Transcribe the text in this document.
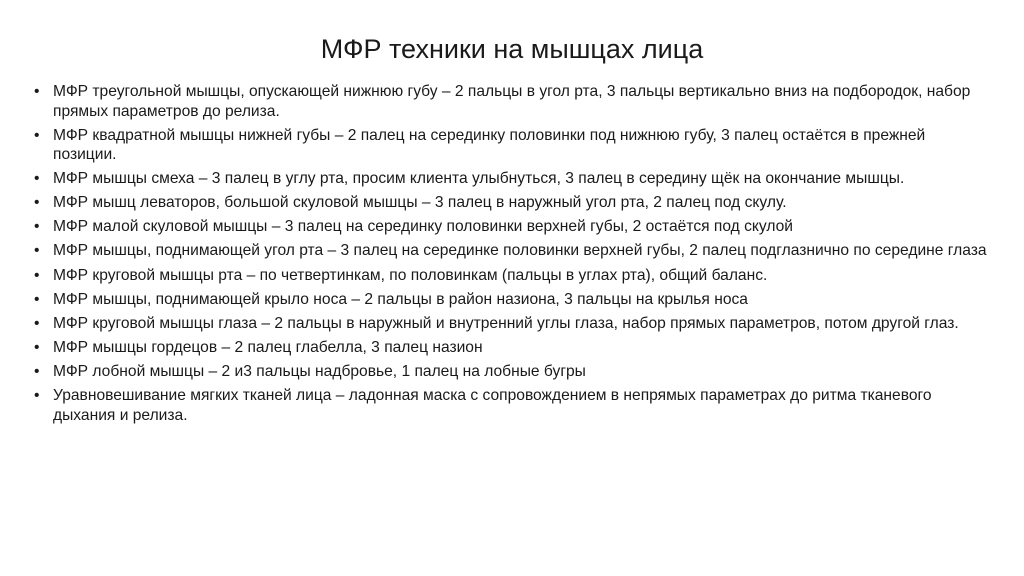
МФР техники на мышцах лица
• МФР треугольной мышцы, опускающей нижнюю губу – 2 пальцы в угол рта, 3 пальцы вертикально вниз на подбородок, набор прямых параметров до релиза.
• МФР квадратной мышцы нижней губы – 2 палец на серединку половинки под нижнюю губу, 3 палец остаётся в прежней позиции.
• МФР мышцы смеха – 3 палец в углу рта, просим клиента улыбнуться, 3 палец в середину щёк на окончание мышцы.
• МФР мышц леваторов, большой скуловой мышцы – 3 палец в наружный угол рта, 2 палец под скулу.
• МФР малой скуловой мышцы – 3 палец на серединку половинки верхней губы, 2 остаётся под скулой
• МФР мышцы, поднимающей угол рта – 3 палец на серединке половинки верхней губы, 2 палец подглазнично по середине глаза
• МФР круговой мышцы рта – по четвертинкам, по половинкам (пальцы в углах рта), общий баланс.
• МФР мышцы, поднимающей крыло носа – 2 пальцы в район назиона, 3 пальцы на крылья носа
• МФР круговой мышцы глаза – 2 пальцы в наружный и внутренний углы глаза, набор прямых параметров, потом другой глаз.
• МФР мышцы гордецов – 2 палец глабелла, 3 палец назион
• МФР лобной мышцы – 2 и3 пальцы надбровье, 1 палец на лобные бугры
• Уравновешивание мягких тканей лица – ладонная маска с сопровождением в непрямых параметрах до ритма тканевого дыхания и релиза.
